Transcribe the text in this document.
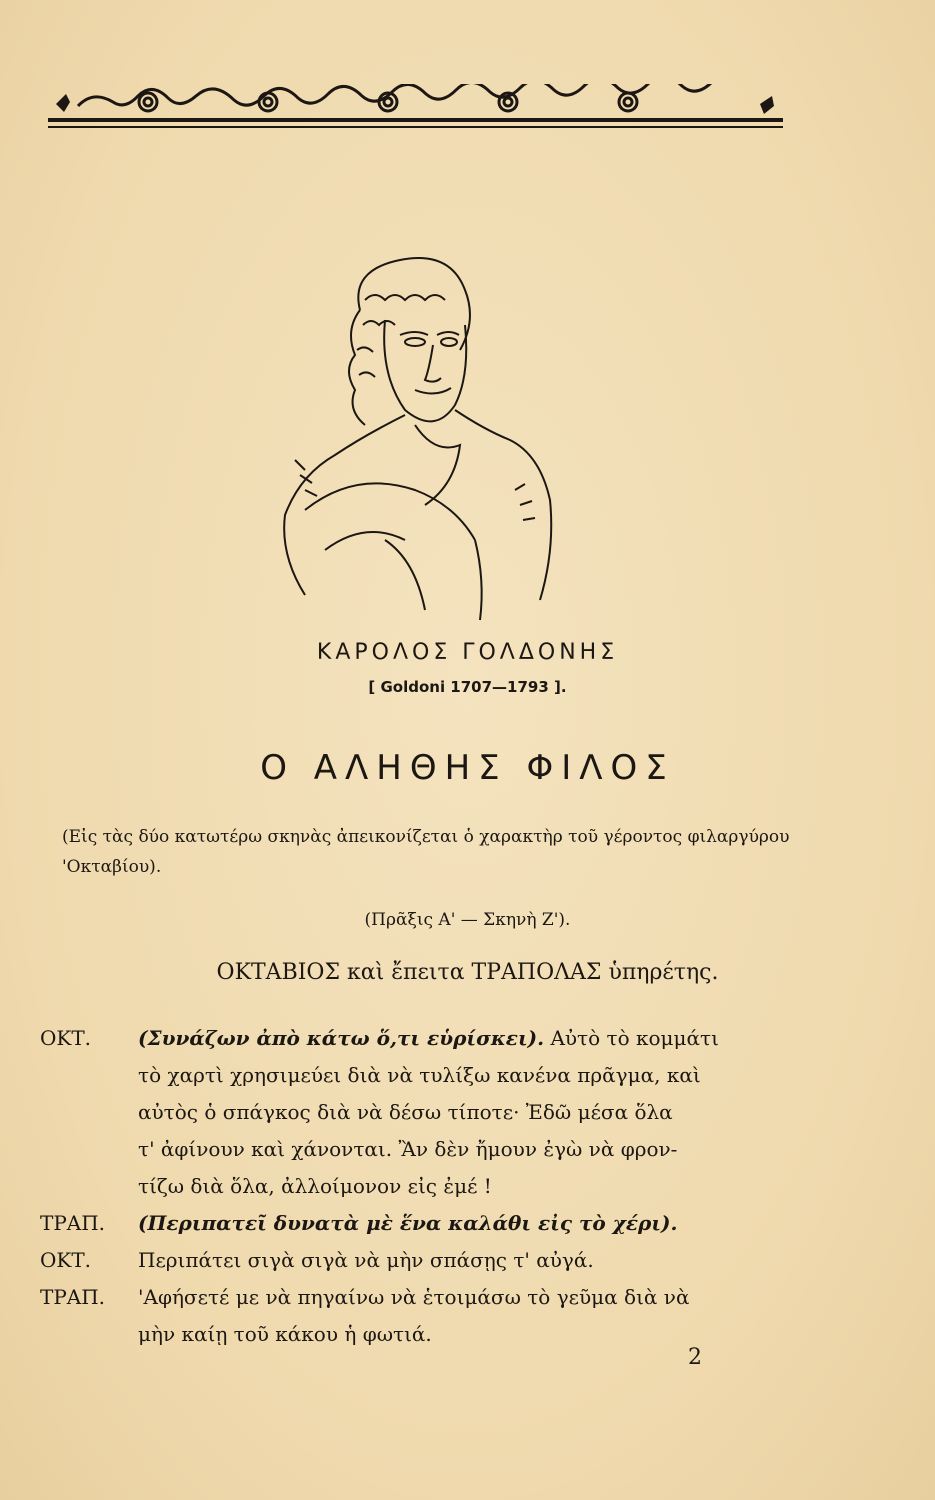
ΚΑΡΟΛΟΣ ΓΟΛΔΟΝΗΣ
[ Goldoni 1707—1793 ].
Ο ΑΛΗΘΗΣ ΦΙΛΟΣ
(Εἰς τὰς δύο κατωτέρω σκηνὰς ἀπεικονίζεται ὁ χαρακτὴρ τοῦ γέροντος φιλαργύρου 'Οκταβίου).
(Πρᾶξις Α' — Σκηνὴ Ζ').
ΟΚΤΑΒΙΟΣ καὶ ἔπειτα ΤΡΑΠΟΛΑΣ ὑπηρέτης.
ΟΚΤ.	(Συνάζων ἀπὸ κάτω ὅ,τι εὑρίσκει). Αὐτὸ τὸ κομμάτι
τὸ χαρτὶ χρησιμεύει διὰ νὰ τυλίξω κανένα πρᾶγμα, καὶ
αὐτὸς ὁ σπάγκος διὰ νὰ δέσω τίποτε· Ἐδῶ μέσα ὅλα
τ' ἀφίνουν καὶ χάνονται. Ἂν δὲν ἤμουν ἐγὼ νὰ φρον-
τίζω διὰ ὅλα, ἀλλοίμονον εἰς ἐμέ !
ΤΡΑΠ.	(Περιπατεῖ δυνατὰ μὲ ἕνα καλάθι εἰς τὸ χέρι).
ΟΚΤ.	Περιπάτει σιγὰ σιγὰ νὰ μὴν σπάσῃς τ' αὐγά.
ΤΡΑΠ.	'Αφήσετέ με νὰ πηγαίνω νὰ ἑτοιμάσω τὸ γεῦμα διὰ νὰ
μὴν καίῃ τοῦ κάκου ἡ φωτιά.
2
